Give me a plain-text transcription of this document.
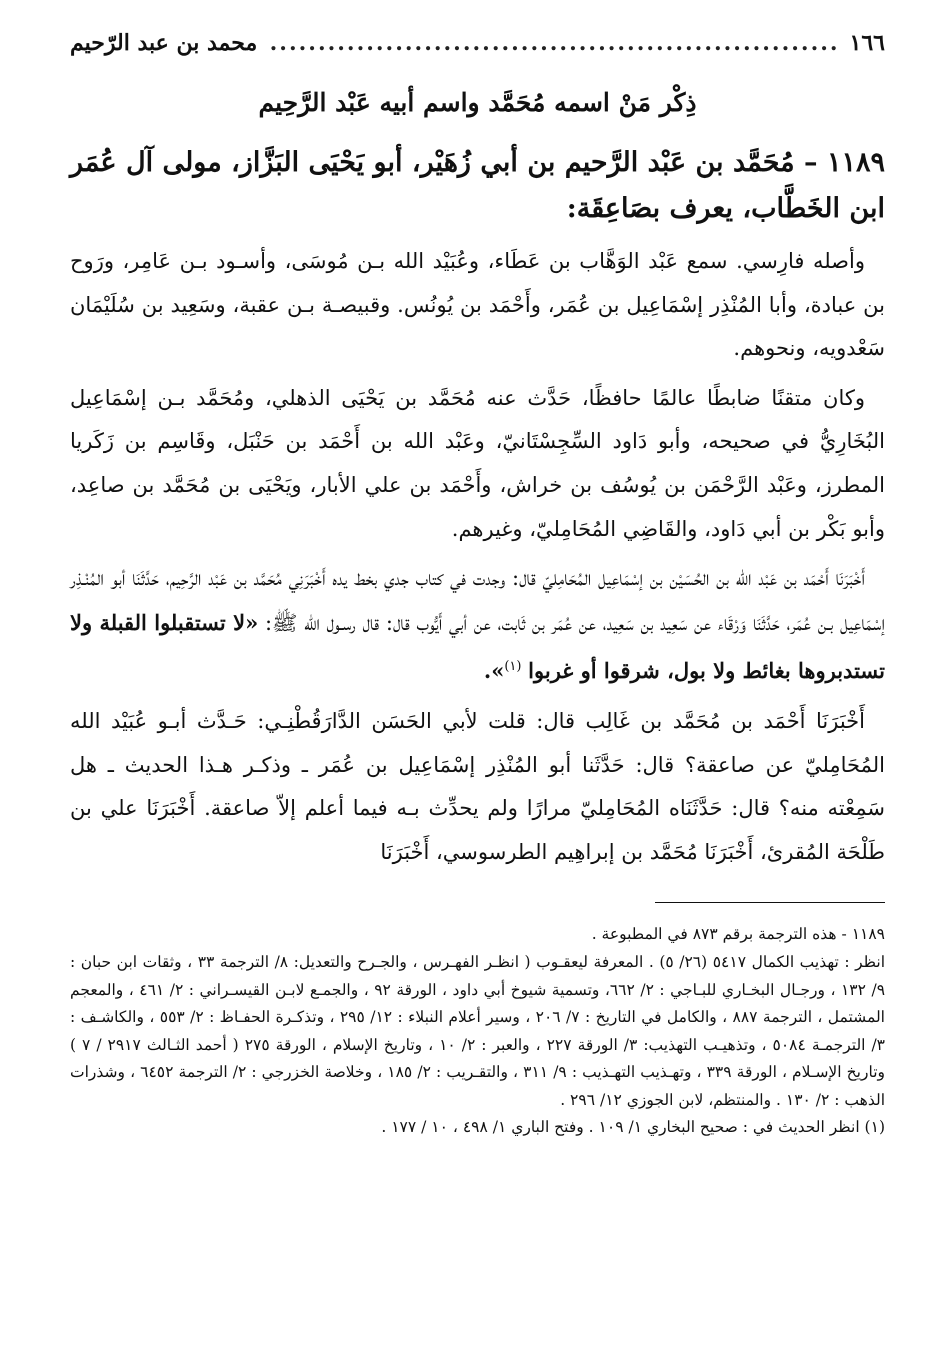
١٦٦
.....
محمد بن عبد الرّحيم
ذِكْر مَنْ اسمه مُحَمَّد واسم أبيه عَبْد الرَّحِيم
١١٨٩ – مُحَمَّد بن عَبْد الرَّحيم بن أبي زُهَيْر، أبو يَحْيَى البَزَّاز، مولى آل عُمَر ابن الخَطَّاب، يعرف بصَاعِقَة:

وأصله فارِسي. سمع عَبْد الوَهَّاب بن عَطَاء، وعُبَيْد الله بـن مُوسَى، وأسـود بـن عَامِر، ورَوح بن عبادة، وأبا المُنْذِر إسْمَاعِيل بن عُمَر، وأَحْمَد بن يُونُس. وقبيصـة بـن عقبة، وسَعِيد بن سُلَيْمَان سَعْدويه، ونحوهم.

وكان متقنًا ضابطًا عالمًا حافظًا، حَدَّث عنه مُحَمَّد بن يَحْيَى الذهلي، ومُحَمَّد بـن إسْمَاعِيل البُخَارِيُّ في صحيحه، وأبو دَاود السِّجِسْتَانيّ، وعَبْد الله بن أَحْمَد بن حَنْبَل، وقَاسِم بن زَكَريا المطرز، وعَبْد الرَّحْمَن بن يُوسُف بن خراش، وأَحْمَد بن علي الأبار، ويَحْيَى بن مُحَمَّد بن صاعِد، وأبو بَكْر بن أبي دَاود، والقَاضِي المُحَامِليّ، وغيرهم.

أَخْبَرَنَا أَحْمَد بن عَبْد الله بن الحُسَيْن بن إسْمَاعِيل المُحَامِليّ قال: وجدت في كتاب جدي بخط يده أَخْبَرَنِي مُحَمَّد بن عَبْد الرَّحِيم، حَدَّثَنَا أبو المُنْـذِر إسْمَاعِيل بـن عُمَر، حَدَّثَنَا وَرْقَاء عن سَعِيد بن سَعِيد، عن عُمَر بن ثَابت، عن أبي أَيُّوب قال: قال رسـول الله ﷺ: «لا تستقبلوا القبلة ولا تستدبروها بغائط ولا بول، شرقوا أو غربوا $^{(١)}$».

أَخْبَرَنَا أَحْمَد بن مُحَمَّد بن غَالِب قال: قلت لأبي الحَسَن الدَّارَقُطْنِـي: حَـدَّث أبـو عُبَيْد الله المُحَامِليّ عن صاعقة؟ قال: حَدَّثَنا أبو المُنْذِر إسْمَاعِيل بن عُمَر ـ وذكـر هـذا الحديث ـ هل سَمِعْته منه؟ قال: حَدَّثَنَاه المُحَامِليّ مرارًا ولم يحدِّث بـه فيما أعلم إلاّ صاعقة. أَخْبَرَنَا علي بن طَلْحَة المُقرئ، أَخْبَرَنَا مُحَمَّد بن إبراهِيم الطرسوسي، أَخْبَرَنَا

١١٨٩ - هذه الترجمة برقم ٨٧٣ في المطبوعة .

انظر : تهذيب الكمال ٥٤١٧ (٢٦/ ٥) . المعرفة ليعقـوب ( انظـر الفهـرس ، والجـرح والتعديل: ٨/ الترجمة ٣٣ ، وثقات ابن حبان : ٩/ ١٣٢ ، ورجـال البخـاري للبـاجي : ٢/ ٦٦٢، وتسمية شيوخ أبي داود ، الورقة ٩٢ ، والجمـع لابـن القيسـراني : ٢/ ٤٦١ ، والمعجم المشتمل ، الترجمة ٨٨٧ ، والكامل في التاريخ : ٧/ ٢٠٦ ، وسير أعلام النبلاء : ١٢/ ٢٩٥ ، وتذكـرة الحفـاظ : ٢/ ٥٥٣ ، والكاشـف : ٣/ الترجمـة ٥٠٨٤ ، وتذهيـب التهذيب: ٣/ الورقة ٢٢٧ ، والعبر : ٢/ ١٠ ، وتاريخ الإسلام ، الورقة ٢٧٥ ( أحمد الثـالث ٢٩١٧ / ٧ ) وتاريخ الإسـلام ، الورقة ٣٣٩ ، وتهـذيب التهـذيب : ٩/ ٣١١ ، والتقـريب : ٢/ ١٨٥ ، وخلاصة الخزرجي : ٢/ الترجمة ٦٤٥٢ ، وشذرات الذهب : ٢/ ١٣٠ . والمنتظم، لابن الجوزي ١٢/ ٢٩٦ .

(١) انظر الحديث في : صحيح البخاري ١/ ١٠٩ . وفتح الباري ١/ ٤٩٨ ، ١٠ / ١٧٧ .
